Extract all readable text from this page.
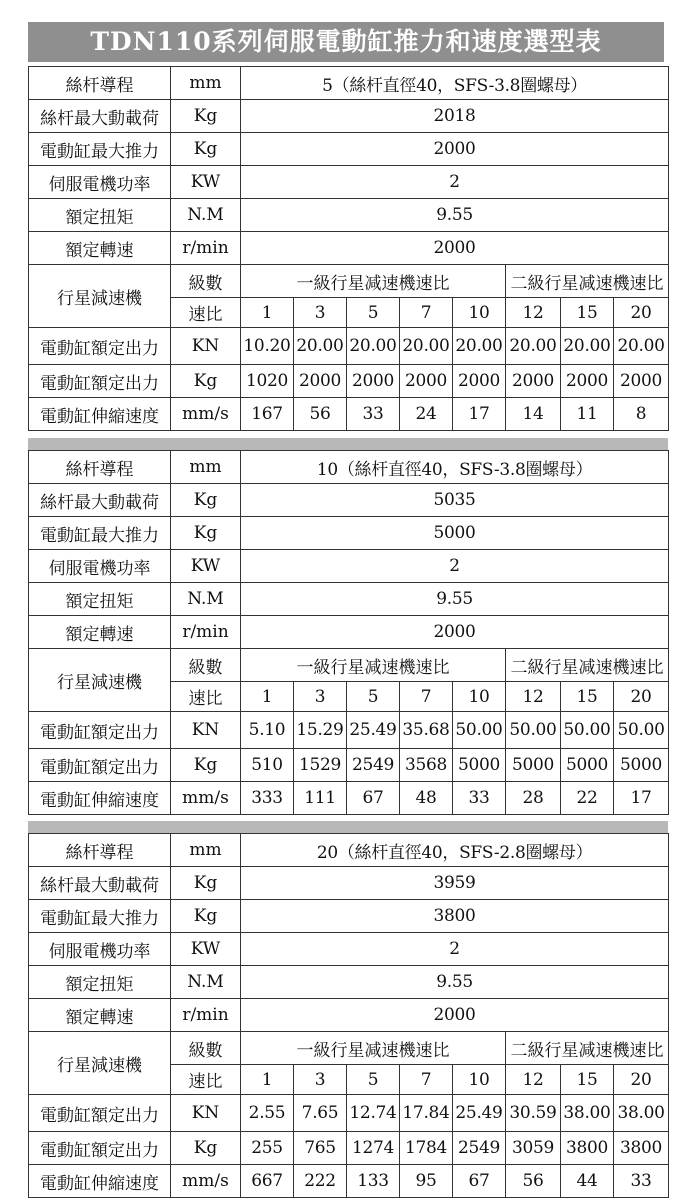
TDN110系列伺服電動缸推力和速度選型表
絲杆導程	mm	5（絲杆直徑40，SFS-3.8圈螺母）							
絲杆最大動載荷	Kg	2018							
電動缸最大推力	Kg	2000							
伺服電機功率	KW	2							
額定扭矩	N.M	9.55							
額定轉速	r/min	2000							
行星減速機	級數	一級行星减速機速比					二級行星减速機速比		
	速比	1	3	5	7	10	12	15	20
電動缸額定出力	KN	10.20	20.00	20.00	20.00	20.00	20.00	20.00	20.00
電動缸額定出力	Kg	1020	2000	2000	2000	2000	2000	2000	2000
電動缸伸縮速度	mm/s	167	56	33	24	17	14	11	8
絲杆導程	mm	10（絲杆直徑40，SFS-3.8圈螺母）							
絲杆最大動載荷	Kg	5035							
電動缸最大推力	Kg	5000							
伺服電機功率	KW	2							
額定扭矩	N.M	9.55							
額定轉速	r/min	2000							
行星減速機	級數	一級行星减速機速比					二級行星减速機速比		
	速比	1	3	5	7	10	12	15	20
電動缸額定出力	KN	5.10	15.29	25.49	35.68	50.00	50.00	50.00	50.00
電動缸額定出力	Kg	510	1529	2549	3568	5000	5000	5000	5000
電動缸伸縮速度	mm/s	333	111	67	48	33	28	22	17
絲杆導程	mm	20（絲杆直徑40，SFS-2.8圈螺母）							
絲杆最大動載荷	Kg	3959							
電動缸最大推力	Kg	3800							
伺服電機功率	KW	2							
額定扭矩	N.M	9.55							
額定轉速	r/min	2000							
行星減速機	級數	一級行星减速機速比					二級行星减速機速比		
	速比	1	3	5	7	10	12	15	20
電動缸額定出力	KN	2.55	7.65	12.74	17.84	25.49	30.59	38.00	38.00
電動缸額定出力	Kg	255	765	1274	1784	2549	3059	3800	3800
電動缸伸縮速度	mm/s	667	222	133	95	67	56	44	33
